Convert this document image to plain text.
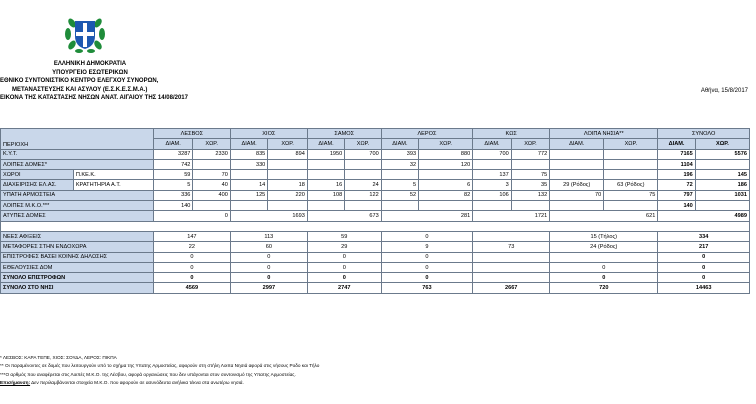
ΕΛΛΗΝΙΚΗ ΔΗΜΟΚΡΑΤΙΑ
ΥΠΟΥΡΓΕΙΟ ΕΣΩΤΕΡΙΚΩΝ
ΕΘΝΙΚΟ ΣΥΝΤΟΝΙΣΤΙΚΟ ΚΕΝΤΡΟ ΕΛΕΓΧΟΥ ΣΥΝΟΡΩΝ,
ΜΕΤΑΝΑΣΤΕΥΣΗΣ ΚΑΙ ΑΣΥΛΟΥ (Ε.Σ.Κ.Ε.Σ.Μ.Α.)
ΕΙΚΟΝΑ ΤΗΣ ΚΑΤΑΣΤΑΣΗΣ ΝΗΣΩΝ ΑΝΑΤ. ΑΙΓΑΙΟΥ ΤΗΣ 14/08/2017
Αθήνα, 15/8/2017
ΠΕΡΙΟΧΗ		ΛΕΣΒΟΣ		ΧΙΟΣ		ΣΑΜΟΣ		ΛΕΡΟΣ		ΚΩΣ		ΛΟΙΠΑ ΝΗΣΙΑ**		ΣΥΝΟΛΟ	
		ΔΙΑΜ.	ΧΩΡ.	ΔΙΑΜ.	ΧΩΡ.	ΔΙΑΜ.	ΧΩΡ.	ΔΙΑΜ.	ΧΩΡ.	ΔΙΑΜ.	ΧΩΡ.	ΔΙΑΜ.	ΧΩΡ.	ΔΙΑΜ.	ΧΩΡ.
Κ.Υ.Τ.		3287	2330	835	894	1950	700	393	880	700	772			7165	5576
ΛΟΙΠΕΣ ΔΟΜΕΣ*		742		330				32	120					1104	
ΧΩΡΟΙ	Π.ΚΕ.Κ.	59	70							137	75			196	145
ΔΙΑΧΕΙΡΙΣΗΣ ΕΛ.ΑΣ.	ΚΡΑΤΗΤΗΡΙΑ Α.Τ.	5	40	14	18	16	24	5	6	3	35	29 (Ρόδος)	63 (Ρόδος)	72	186
ΥΠΑΤΗ ΑΡΜΟΣΤΕΙΑ		336	400	125	220	108	122	52	82	106	132	70	75	797	1031
ΛΟΙΠΕΣ Μ.Κ.Ο.***		140												140	
ΑΤΥΠΕΣ ΔΟΜΕΣ		0		1693		673		281		1721		621		4989	

ΝΕΕΣ ΑΦΙΞΕΙΣ		147		113		59		0				15 (Τήλος)		334	
ΜΕΤΑΦΟΡΕΣ ΣΤΗΝ ΕΝΔΟΧΩΡΑ		22		60		29		9		73		24 (Ρόδος)		217	
ΕΠΙΣΤΡΟΦΕΣ ΒΑΣΕΙ ΚΟΙΝΗΣ ΔΗΛΩΣΗΣ		0		0		0		0						0	
ΕΘΕΛΟΥΣΙΕΣ ΔΟΜ		0		0		0		0				0		0	
ΣΥΝΟΛΟ ΕΠΙΣΤΡΟΦΩΝ		0		0		0		0				0		0	
ΣΥΝΟΛΟ ΣΤΟ ΝΗΣΙ		4569		2997		2747		763		2667		720		14463	
* ΛΕΣΒΟΣ: ΚΑΡΑ ΤΕΠΕ, ΧΙΟΣ: ΣΟΥΔΑ, ΛΕΡΟΣ: ΠΙΚΠΑ
** Οι παραμένοντες σε δομές που λειτουργούν υπό το σχήμα της Υπατης Αρμοστείας, αφορούν στη στήλη Λοιπα Νησιά αφορά στις νήσους Ροδο και Τήλο
***Ο αρθμός που αναφέρεται στις Λοιπές Μ.Κ.Ο. της Λέσβου, αφορά οργανώσεις που δεν υπάγονται στον συντονισμό της Υπατης Αρμοστείας.
Επισήμανση: Δεν περιλαμβάνονται στοιχεία Μ.Κ.Ο. που αφορούν σε ασυνόδευτα ανήλικα τέκνα στα ανωτέρω νησιά.
